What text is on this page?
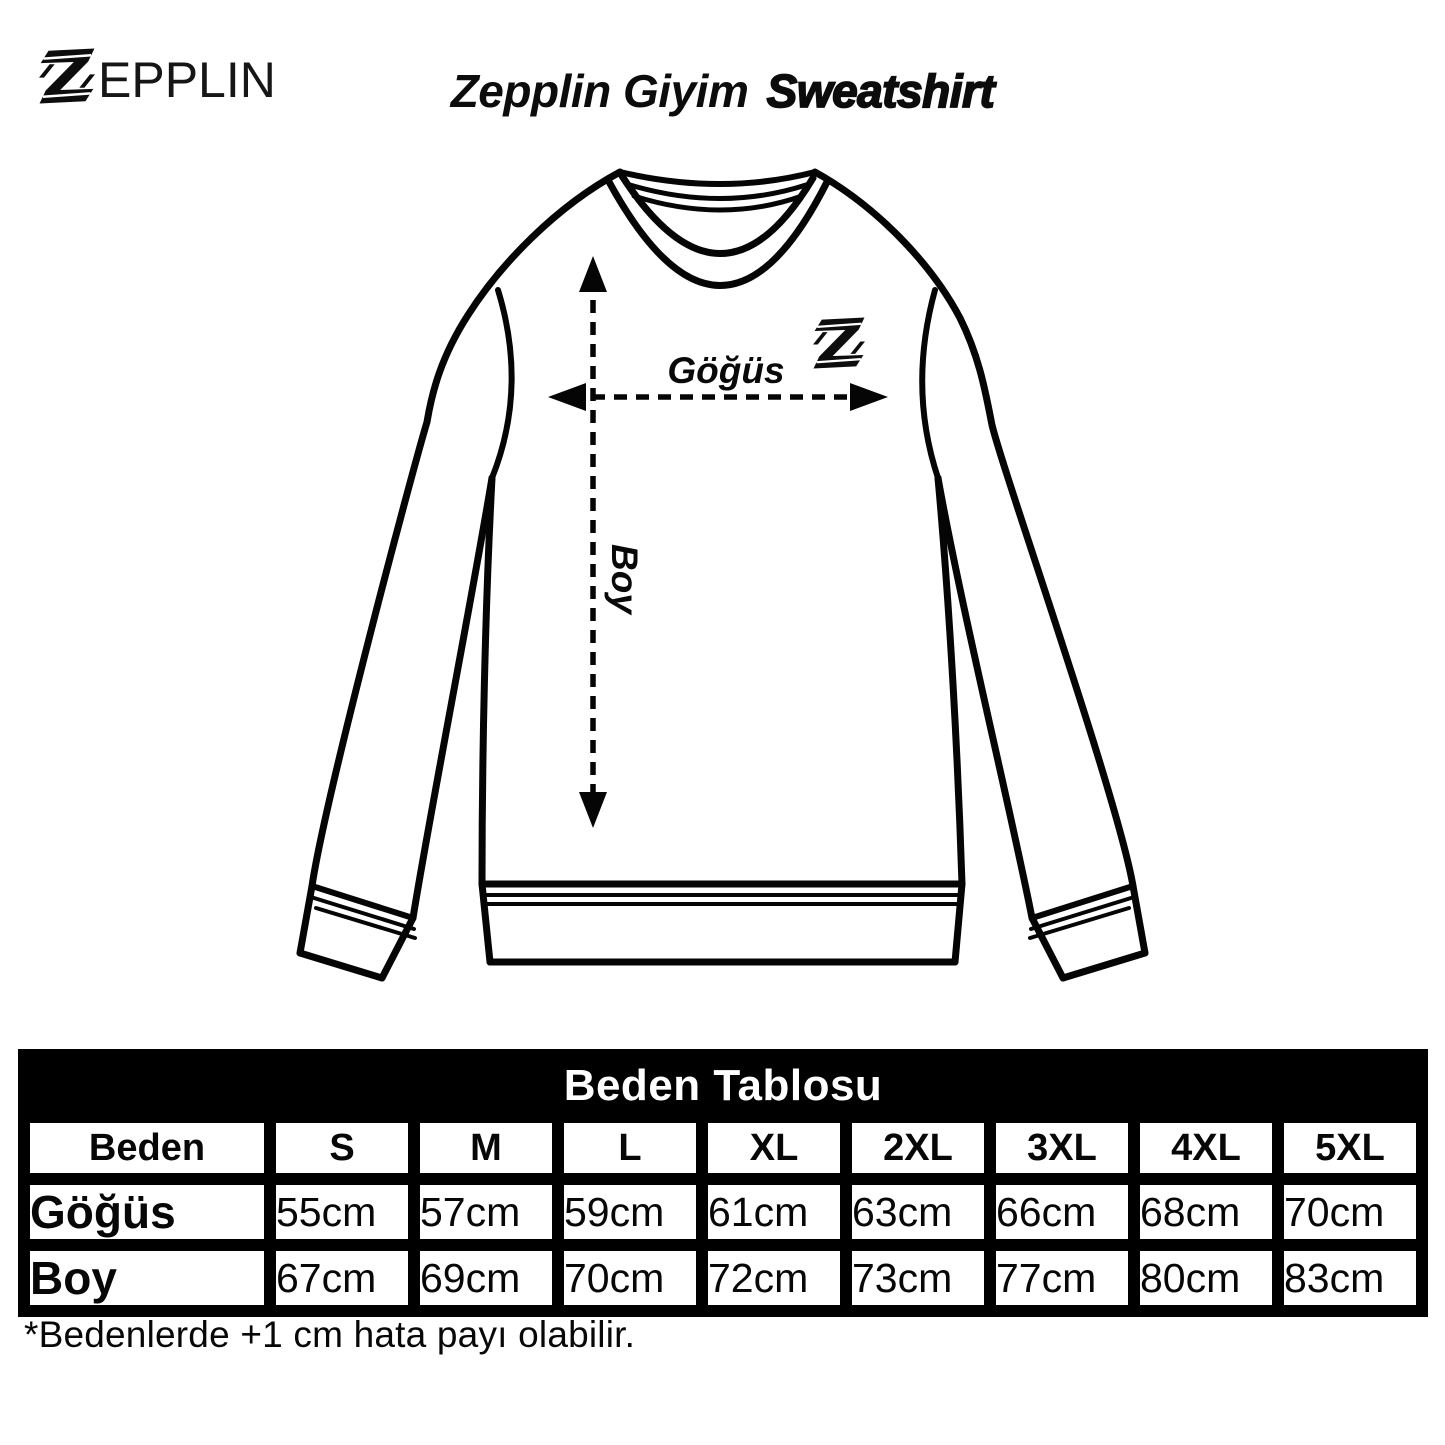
EPPLIN	Zepplin Giyim Sweatshirt
Göğüs
Boy
Beden Tablosu								
Beden	S	M	L	XL	2XL	3XL	4XL	5XL
Göğüs	55cm	57cm	59cm	61cm	63cm	66cm	68cm	70cm
Boy	67cm	69cm	70cm	72cm	73cm	77cm	80cm	83cm
*Bedenlerde +1 cm hata payı olabilir.
